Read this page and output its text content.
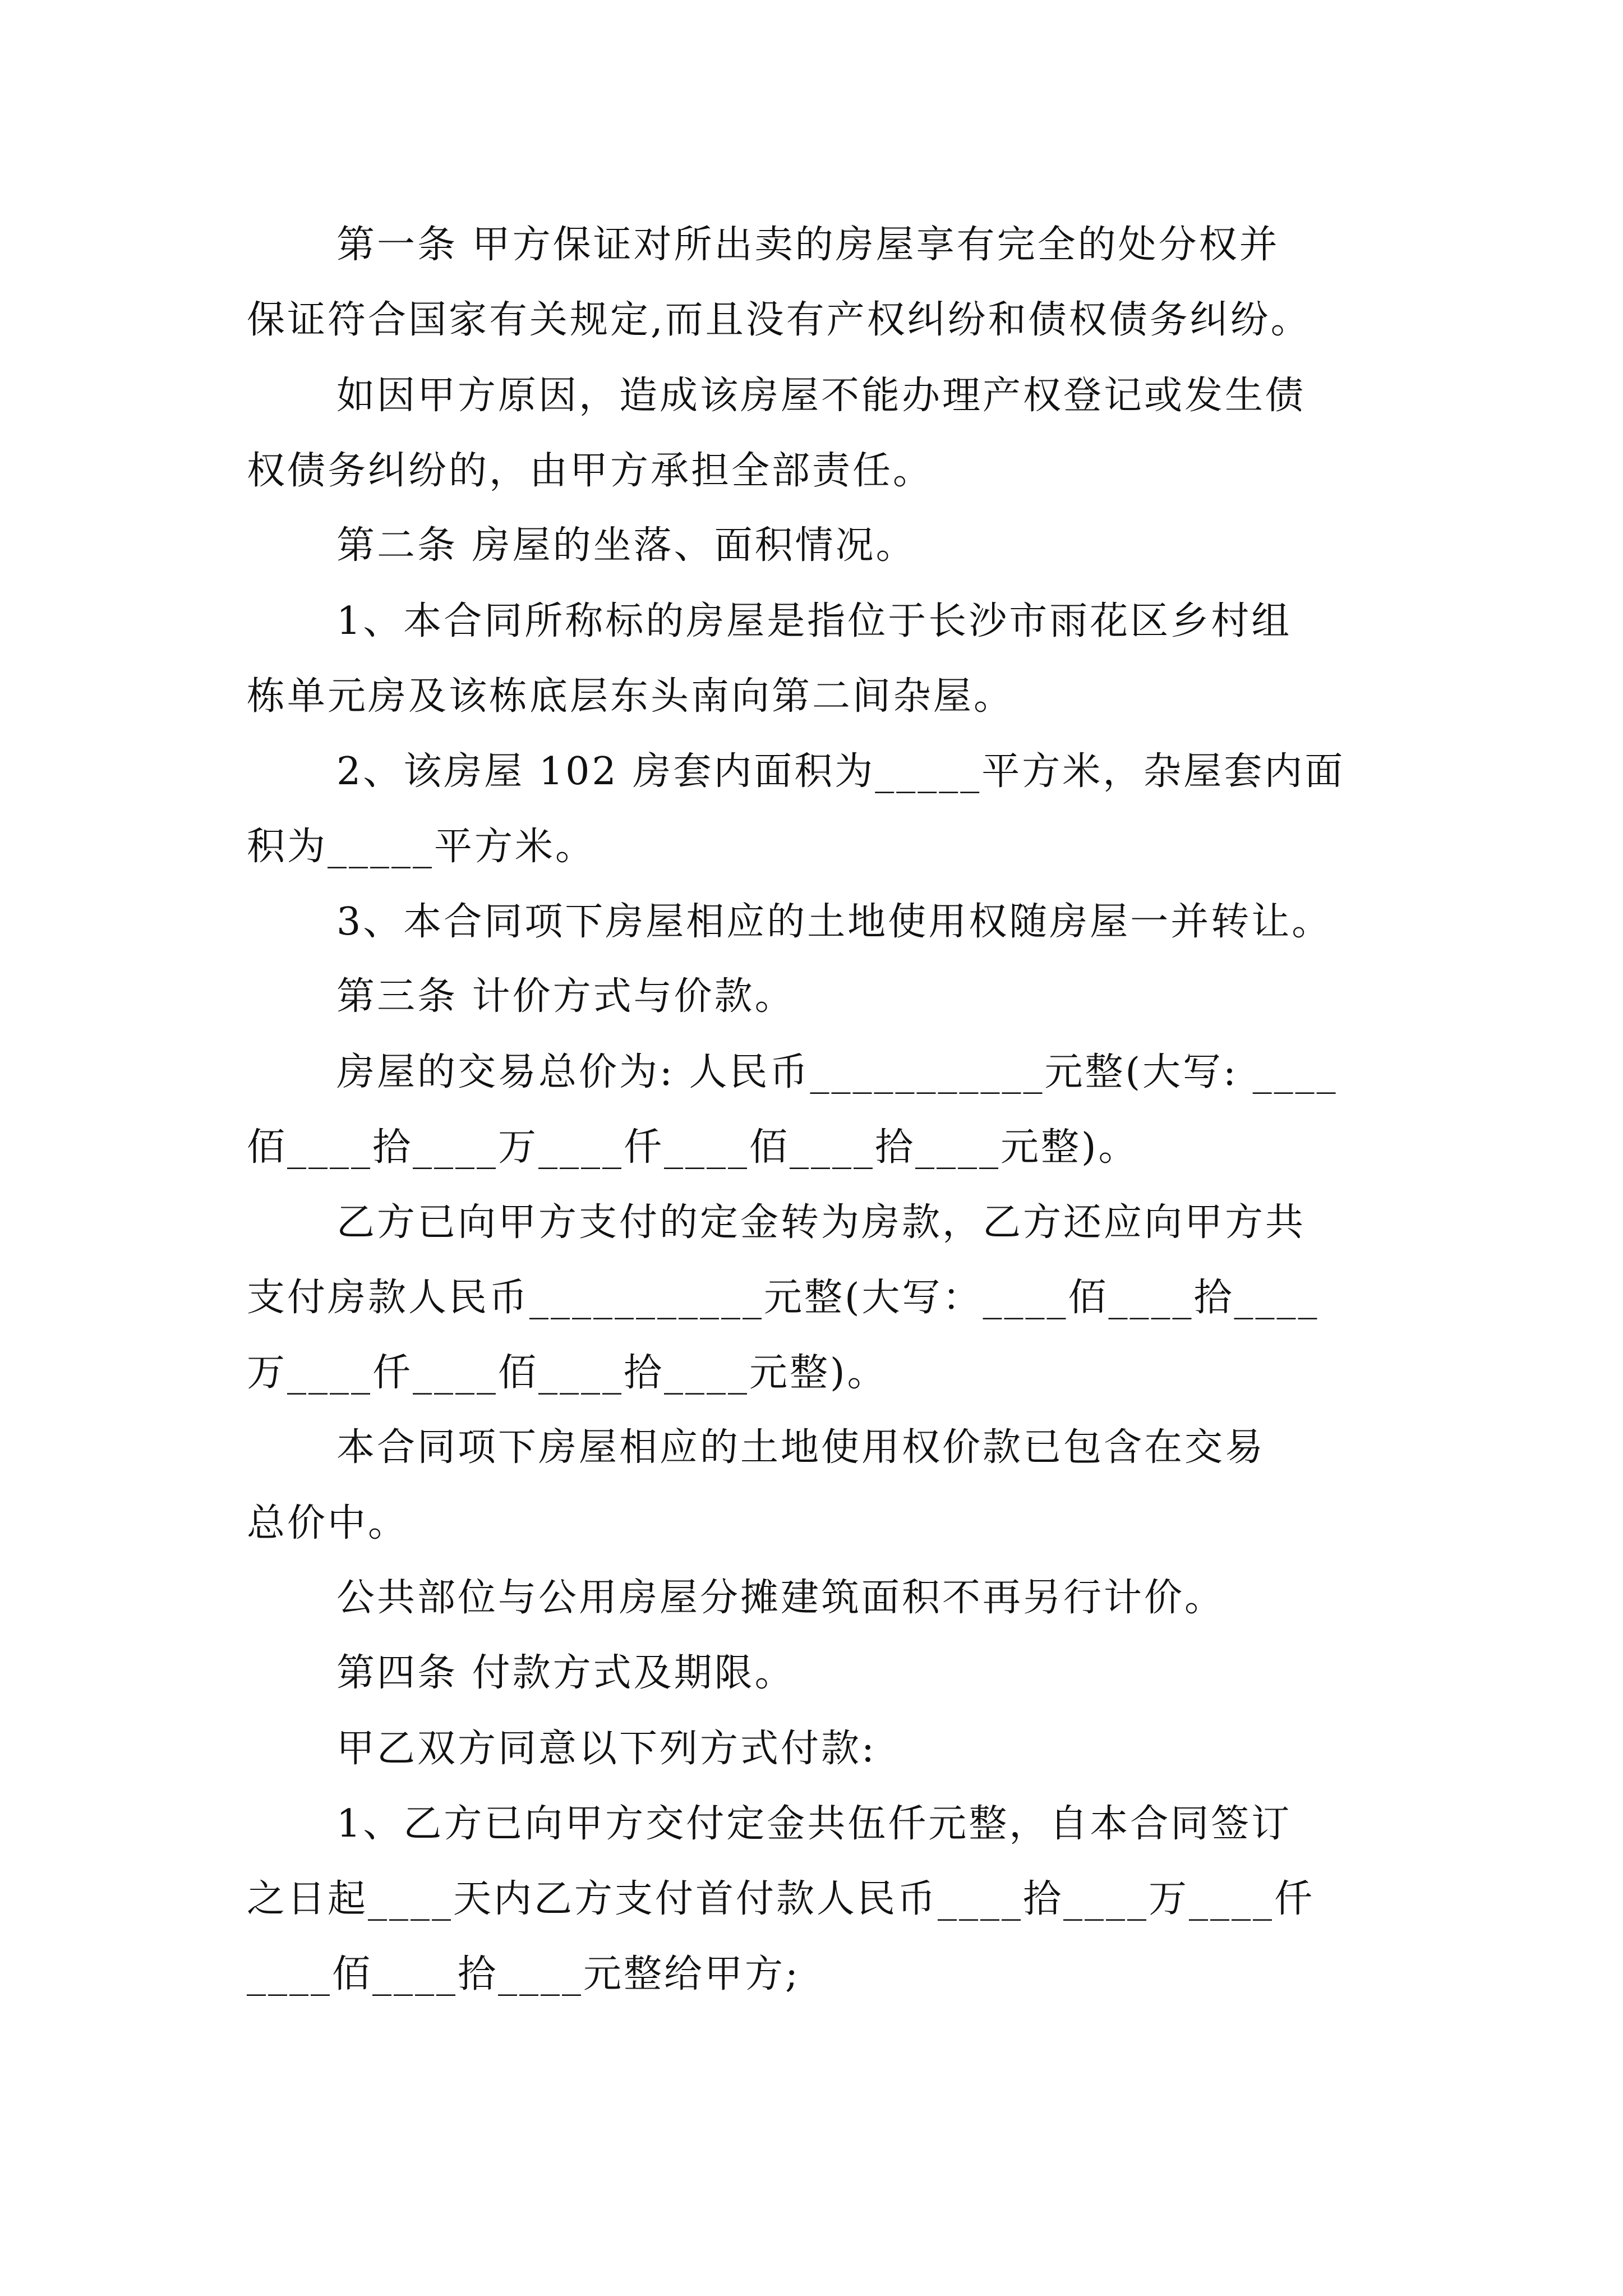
第一条 甲方保证对所出卖的房屋享有完全的处分权并
保证符合国家有关规定,而且没有产权纠纷和债权债务纠纷。
如因甲方原因，造成该房屋不能办理产权登记或发生债
权债务纠纷的，由甲方承担全部责任。
第二条 房屋的坐落、面积情况。
1、本合同所称标的房屋是指位于长沙市雨花区乡村组
栋单元房及该栋底层东头南向第二间杂屋。
2、该房屋 102 房套内面积为_____平方米，杂屋套内面
积为_____平方米。
3、本合同项下房屋相应的土地使用权随房屋一并转让。
第三条 计价方式与价款。
房屋的交易总价为: 人民币___________元整(大写: ____
佰____拾____万____仟____佰____拾____元整)。
乙方已向甲方支付的定金转为房款，乙方还应向甲方共
支付房款人民币___________元整(大写：____佰____拾____
万____仟____佰____拾____元整)。
本合同项下房屋相应的土地使用权价款已包含在交易
总价中。
公共部位与公用房屋分摊建筑面积不再另行计价。
第四条 付款方式及期限。
甲乙双方同意以下列方式付款:
1、乙方已向甲方交付定金共伍仟元整，自本合同签订
之日起____天内乙方支付首付款人民币____拾____万____仟
____佰____拾____元整给甲方;
